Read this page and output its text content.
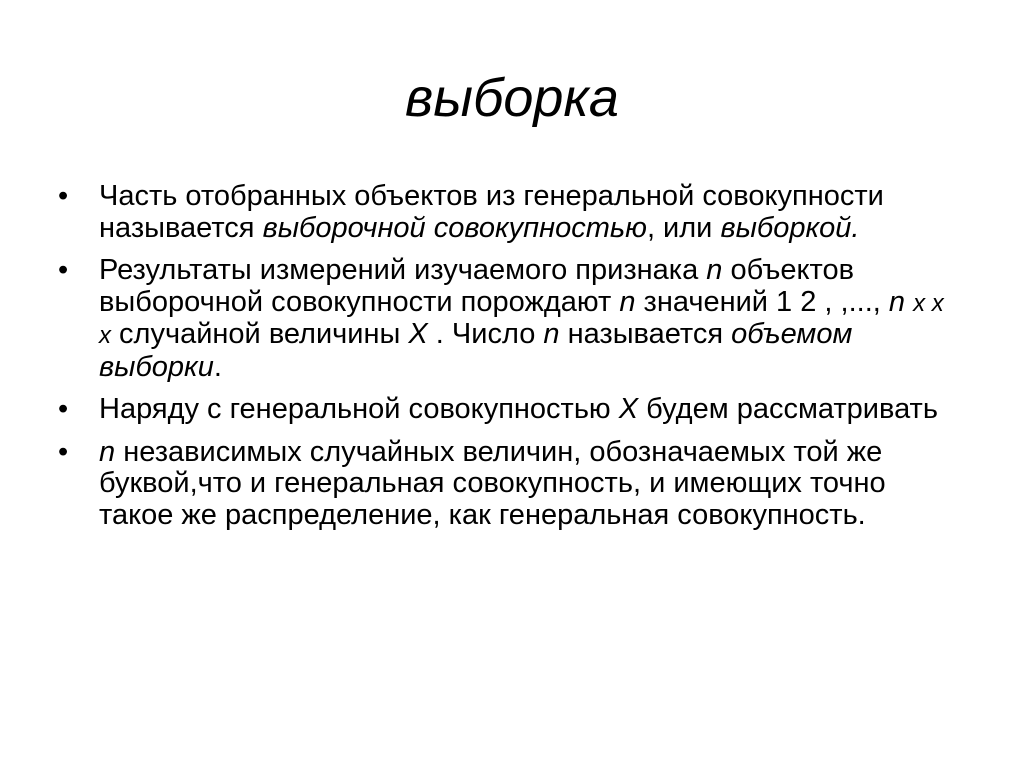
выборка
•	Часть отобранных объектов из генеральной совокупности называется выборочной совокупностью, или выборкой.
•	Результаты измерений изучаемого признака n объектов выборочной совокупности порождают n значений 1 2 , ,..., n x x x случайной величины X . Число n называется объемом выборки.
•	Наряду с генеральной совокупностью X будем рассматривать
•	n независимых случайных величин, обозначаемых той же буквой,что и генеральная совокупность, и имеющих точно такое же распределение, как генеральная совокупность.
